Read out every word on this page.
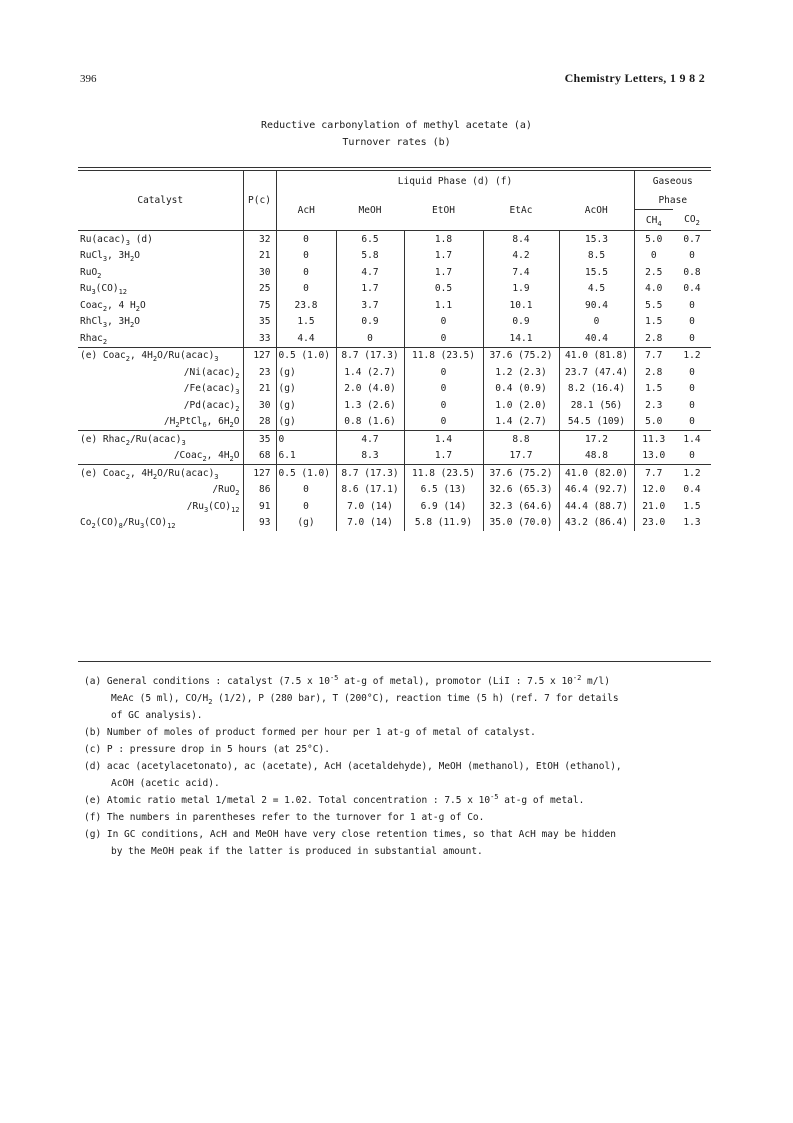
396	Chemistry Letters, 1 9 8 2
Reductive carbonylation of methyl acetate (a)
Turnover rates (b)
Catalyst	P(c)	Liquid Phase (d) (f)					Gaseous	
		AcH	MeOH	EtOH	EtAc	AcOH	Phase	
							$CH_4$	$CO_2$
$Ru(acac)_3$ (d)	32	0	6.5	1.8	8.4	15.3	5.0	0.7
RuCl$_3$, $3H_2O$	21	0	5.8	1.7	4.2	8.5	0	0
RuO$_2$	30	0	4.7	1.7	7.4	15.5	2.5	0.8
$Ru_3(CO)_{12}$	25	0	1.7	0.5	1.9	4.5	4.0	0.4
Coac$_2$, 4 $H_2O$	75	23.8	3.7	1.1	10.1	90.4	5.5	0
RhCl$_3$, $3H_2O$	35	1.5	0.9	0	0.9	0	1.5	0
Rhac$_2$	33	4.4	0	0	14.1	40.4	2.8	0
(e) Coac$_2$, $4H_2O/Ru(acac)_3$	127	0.5 (1.0)	8.7 (17.3)	11.8 (23.5)	37.6 (75.2)	41.0 (81.8)	7.7	1.2
$/Ni(acac)_2$	23	(g)	1.4 (2.7)	0	1.2 (2.3)	23.7 (47.4)	2.8	0
$/Fe(acac)_3$	21	(g)	2.0 (4.0)	0	0.4 (0.9)	8.2 (16.4)	1.5	0
$/Pd(acac)_2$	30	(g)	1.3 (2.6)	0	1.0 (2.0)	28.1 (56)	2.3	0
$/H_2PtCl_6$, $6H_2O$	28	(g)	0.8 (1.6)	0	1.4 (2.7)	54.5 (109)	5.0	0
(e) $Rhac_2/Ru(acac)_3$	35	0	4.7	1.4	8.8	17.2	11.3	1.4
/Coac$_2$, $4H_2O$	68	6.1	8.3	1.7	17.7	48.8	13.0	0
(e) Coac$_2$, $4H_2O/Ru(acac)_3$	127	0.5 (1.0)	8.7 (17.3)	11.8 (23.5)	37.6 (75.2)	41.0 (82.0)	7.7	1.2
/RuO$_2$	86	0	8.6 (17.1)	6.5 (13)	32.6 (65.3)	46.4 (92.7)	12.0	0.4
$/Ru_3(CO)_{12}$	91	0	7.0 (14)	6.9 (14)	32.3 (64.6)	44.4 (88.7)	21.0	1.5
$Co_2(CO)_8/Ru_3(CO)_{12}$	93	(g)	7.0 (14)	5.8 (11.9)	35.0 (70.0)	43.2 (86.4)	23.0	1.3

(a) General conditions : catalyst (7.5 x $10^{-5}$ at-g of metal), promotor (LiI : 7.5 x $10^{-2}$ m/l)

MeAc (5 ml), $CO/H_2$ (1/2), P (280 bar), T (200°C), reaction time (5 h) (ref. 7 for details

of GC analysis).

(b) Number of moles of product formed per hour per 1 at-g of metal of catalyst.

(c) P : pressure drop in 5 hours (at 25°C).

(d) acac (acetylacetonato), ac (acetate), AcH (acetaldehyde), MeOH (methanol), EtOH (ethanol),

AcOH (acetic acid).

(e) Atomic ratio metal 1/metal 2 = 1.02. Total concentration : 7.5 x $10^{-5}$ at-g of metal.

(f) The numbers in parentheses refer to the turnover for 1 at-g of Co.

(g) In GC conditions, AcH and MeOH have very close retention times, so that AcH may be hidden

by the MeOH peak if the latter is produced in substantial amount.
